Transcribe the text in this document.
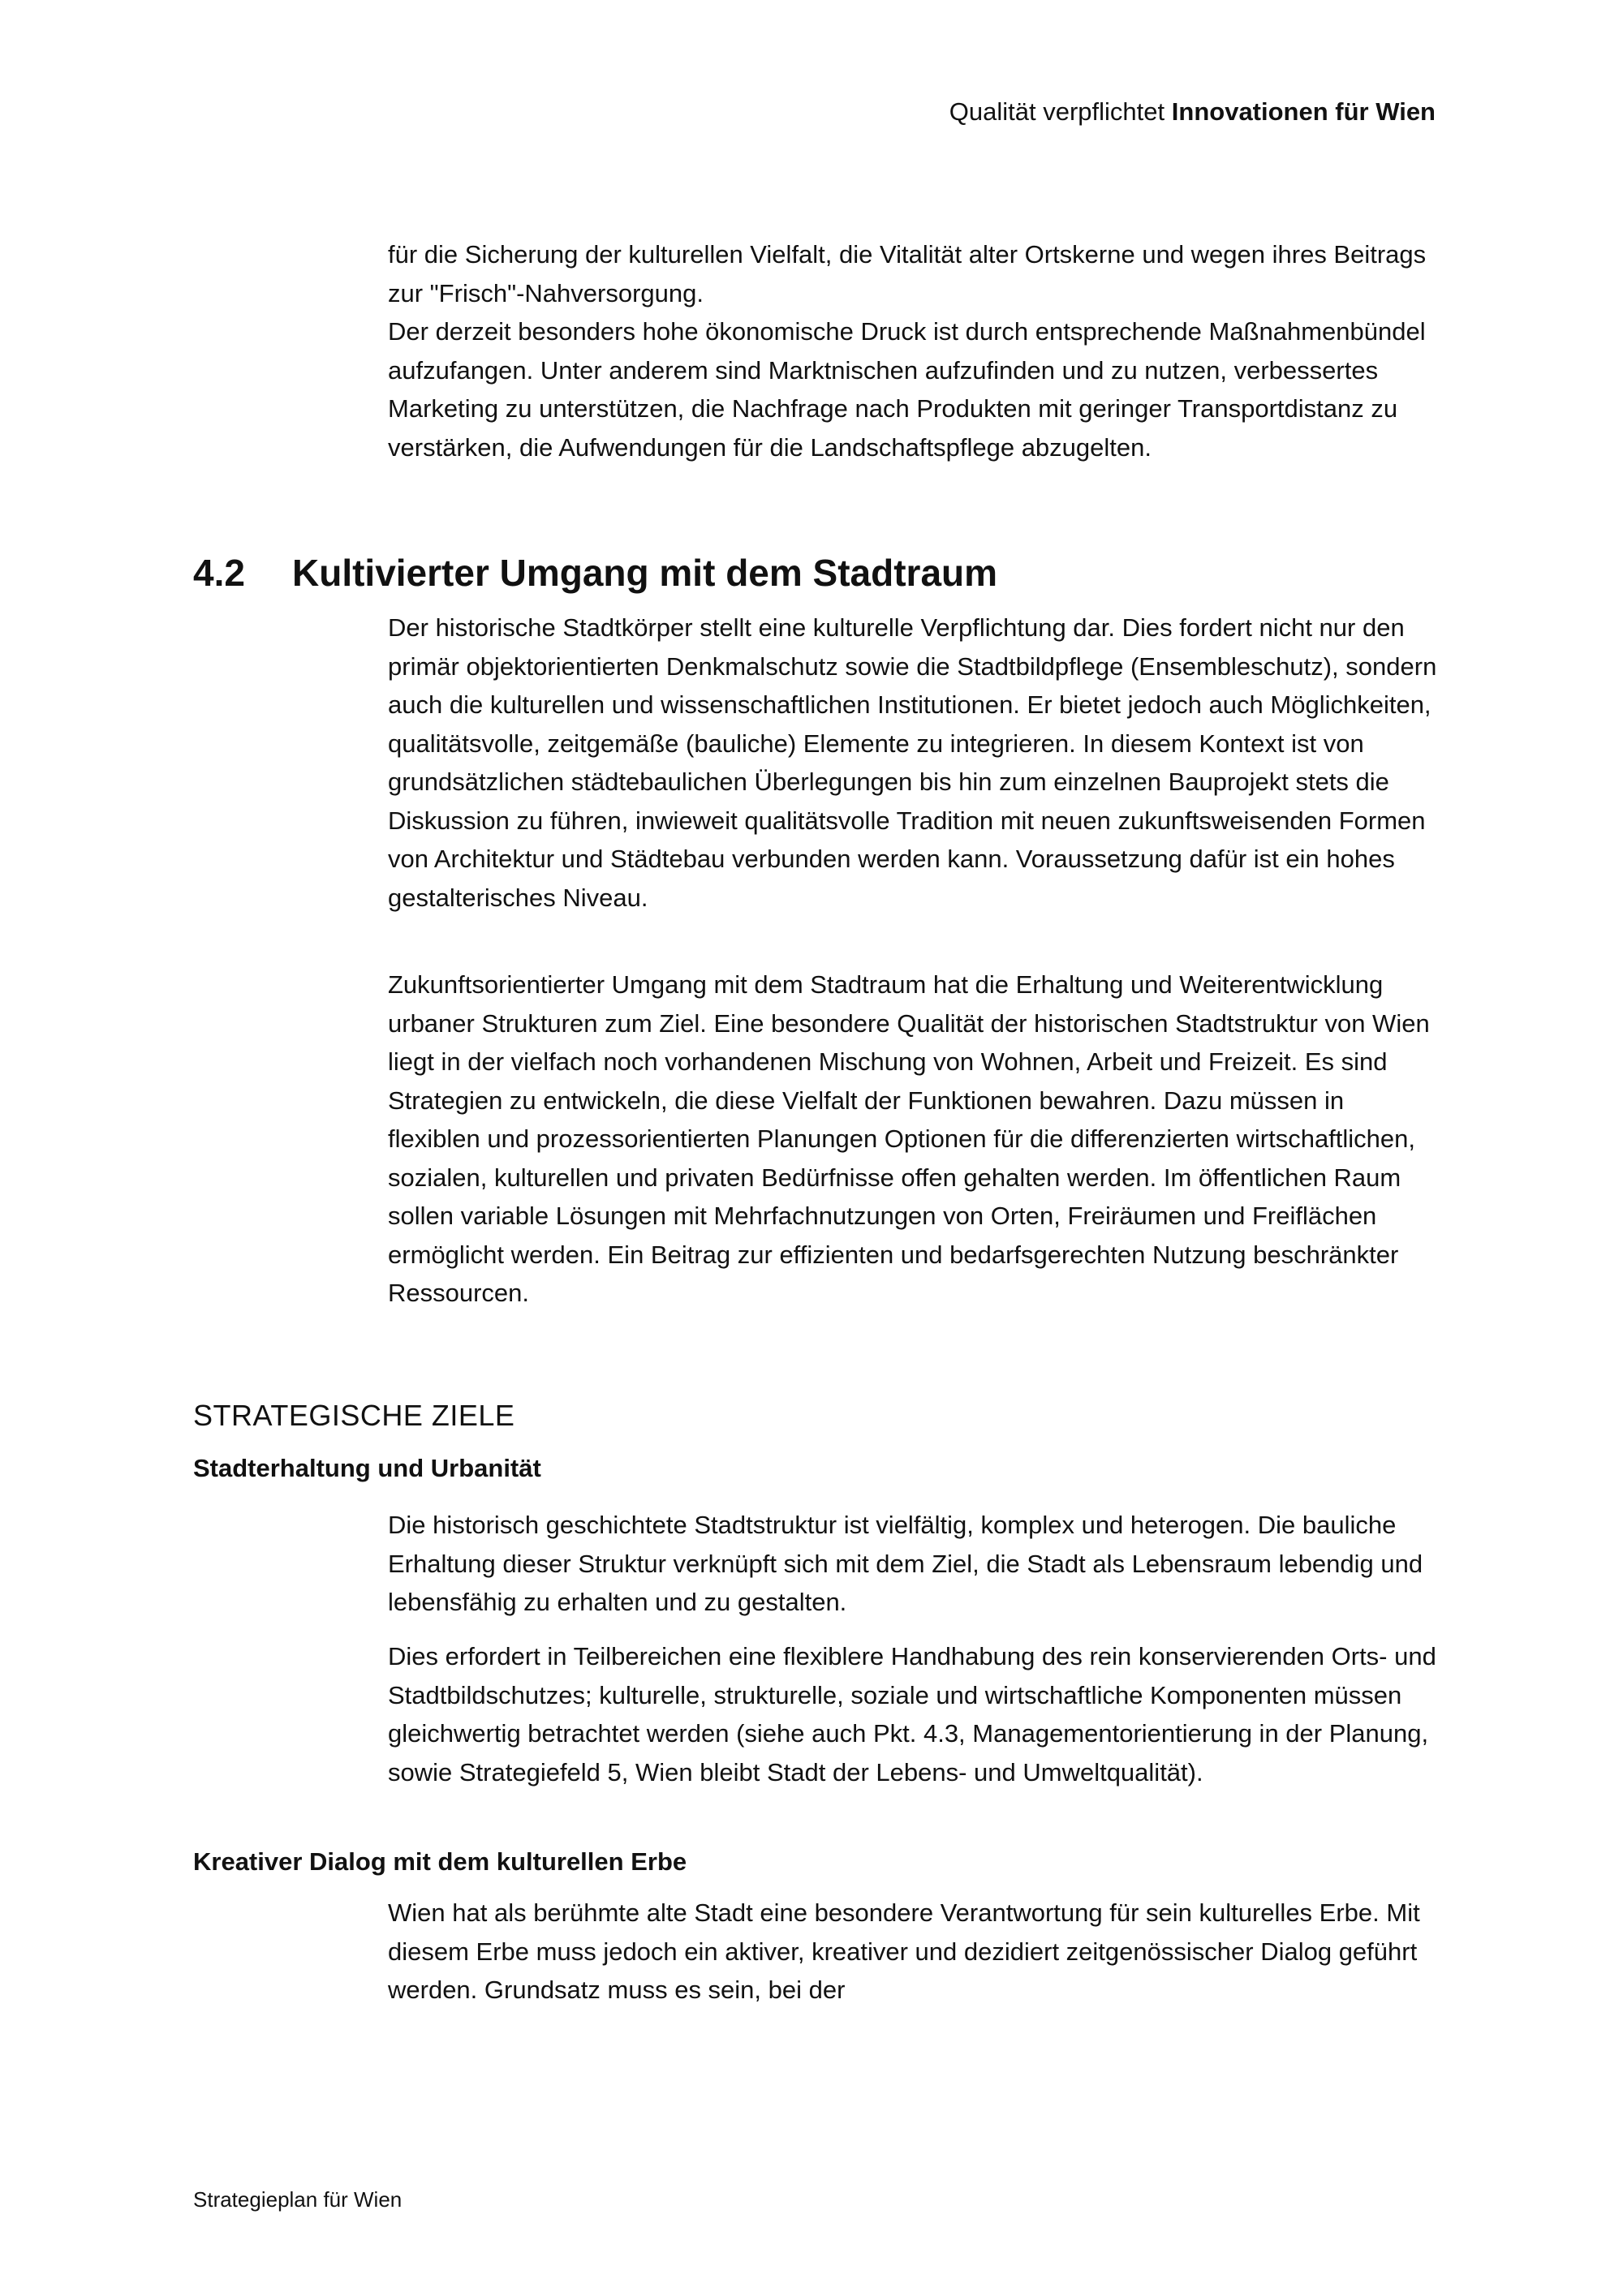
Qualität verpflichtet Innovationen für Wien

für die Sicherung der kulturellen Vielfalt, die Vitalität alter Ortskerne und wegen ihres Beitrags zur "Frisch"-Nahversorgung.

Der derzeit besonders hohe ökonomische Druck ist durch entsprechende Maßnahmenbündel aufzufangen. Unter anderem sind Marktnischen aufzufinden und zu nutzen, verbessertes Marketing zu unterstützen, die Nachfrage nach Produkten mit geringer Transportdistanz zu verstärken, die Aufwendungen für die Landschaftspflege abzugelten.

4.2 Kultivierter Umgang mit dem Stadtraum

Der historische Stadtkörper stellt eine kulturelle Verpflichtung dar. Dies fordert nicht nur den primär objektorientierten Denkmalschutz sowie die Stadtbildpflege (Ensembleschutz), sondern auch die kulturellen und wissenschaftlichen Institutionen. Er bietet jedoch auch Möglichkeiten, qualitätsvolle, zeitgemäße (bauliche) Elemente zu integrieren. In diesem Kontext ist von grundsätzlichen städtebaulichen Überlegungen bis hin zum einzelnen Bauprojekt stets die Diskussion zu führen, inwieweit qualitätsvolle Tradition mit neuen zukunftsweisenden Formen von Architektur und Städtebau verbunden werden kann. Voraussetzung dafür ist ein hohes gestalterisches Niveau.

Zukunftsorientierter Umgang mit dem Stadtraum hat die Erhaltung und Weiterentwicklung urbaner Strukturen zum Ziel. Eine besondere Qualität der historischen Stadtstruktur von Wien liegt in der vielfach noch vorhandenen Mischung von Wohnen, Arbeit und Freizeit. Es sind Strategien zu entwickeln, die diese Vielfalt der Funktionen bewahren. Dazu müssen in flexiblen und prozessorientierten Planungen Optionen für die differenzierten wirtschaftlichen, sozialen, kulturellen und privaten Bedürfnisse offen gehalten werden. Im öffentlichen Raum sollen variable Lösungen mit Mehrfachnutzungen von Orten, Freiräumen und Freiflächen ermöglicht werden. Ein Beitrag zur effizienten und bedarfsgerechten Nutzung beschränkter Ressourcen.

STRATEGISCHE ZIELE
Stadterhaltung und Urbanität

Die historisch geschichtete Stadtstruktur ist vielfältig, komplex und heterogen. Die bauliche Erhaltung dieser Struktur verknüpft sich mit dem Ziel, die Stadt als Lebensraum lebendig und lebensfähig zu erhalten und zu gestalten.

Dies erfordert in Teilbereichen eine flexiblere Handhabung des rein konservierenden Orts- und Stadtbildschutzes; kulturelle, strukturelle, soziale und wirtschaftliche Komponenten müssen gleichwertig betrachtet werden (siehe auch Pkt. 4.3, Managementorientierung in der Planung, sowie Strategiefeld 5, Wien bleibt Stadt der Lebens- und Umweltqualität).

Kreativer Dialog mit dem kulturellen Erbe

Wien hat als berühmte alte Stadt eine besondere Verantwortung für sein kulturelles Erbe. Mit diesem Erbe muss jedoch ein aktiver, kreativer und dezidiert zeitgenössischer Dialog geführt werden. Grundsatz muss es sein, bei der

Strategieplan für Wien
